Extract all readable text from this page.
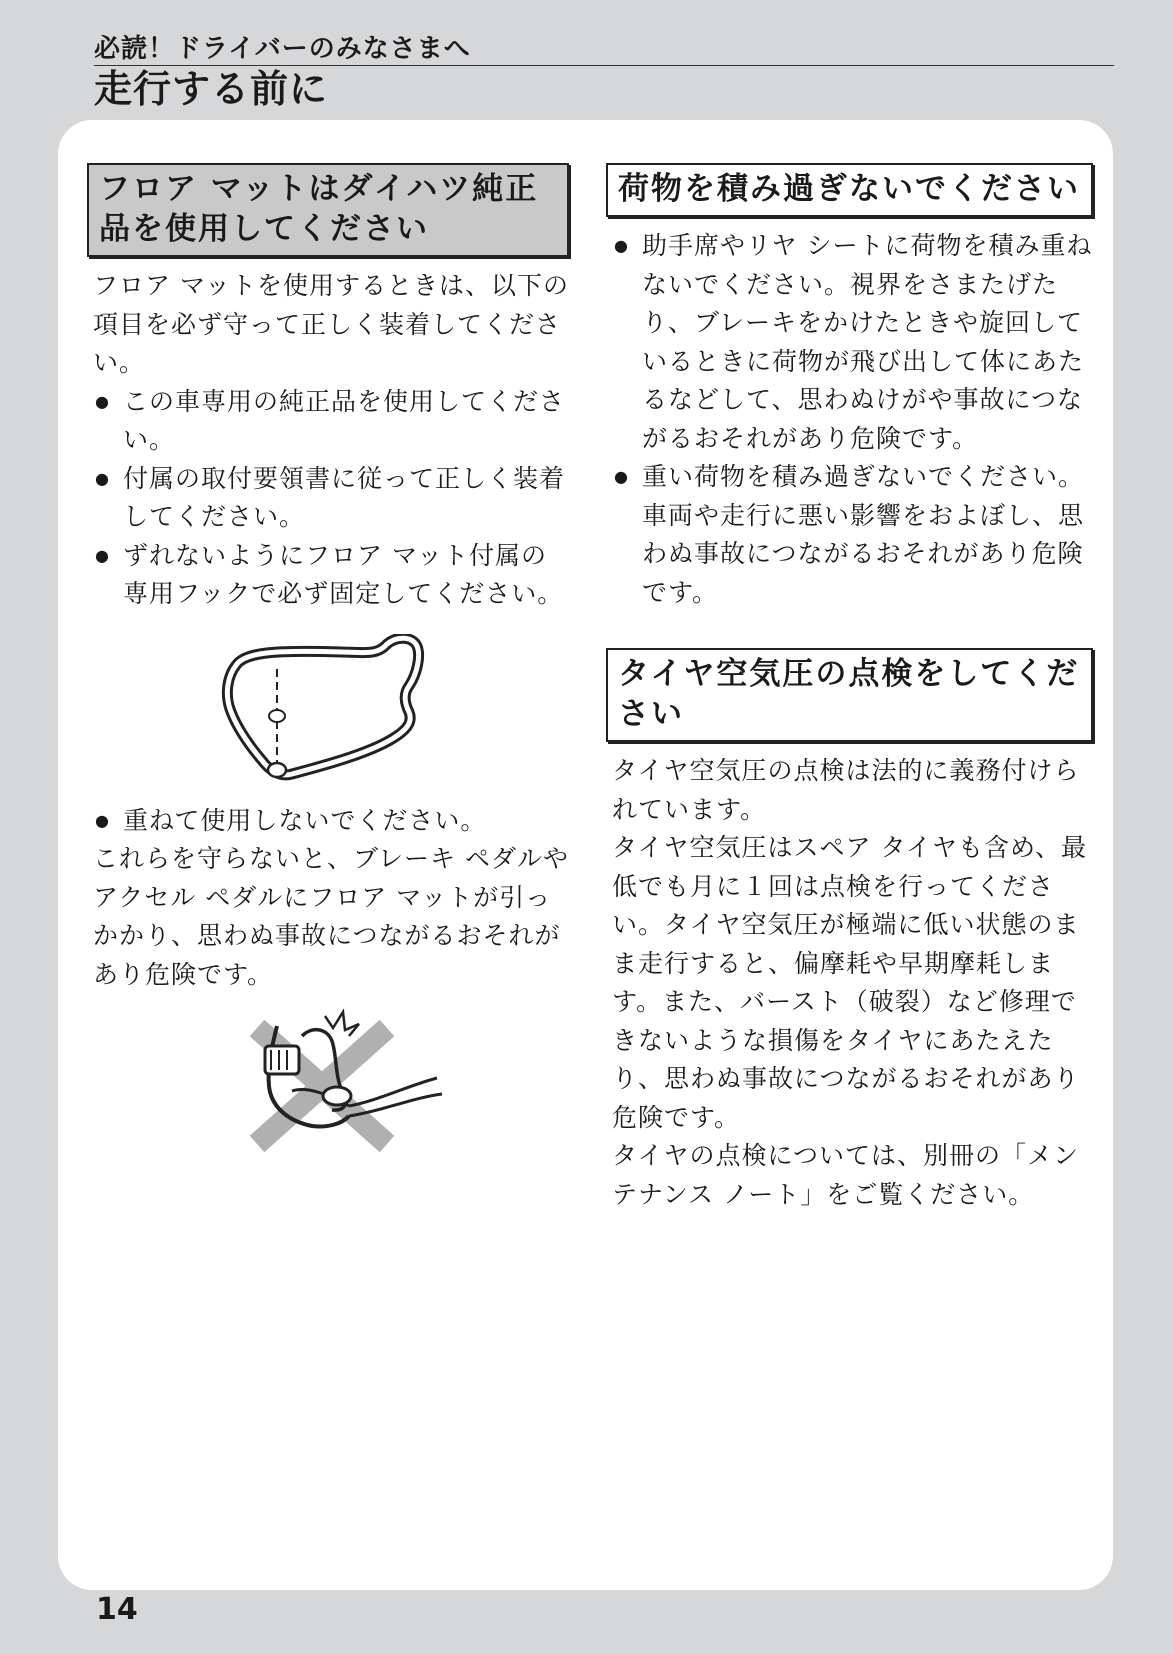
必読！ドライバーのみなさまへ
走行する前に
フロア マットはダイハツ純正品を使用してください

フロア マットを使用するときは、以下の項目を必ず守って正しく装着してください。

● この車専用の純正品を使用してください。
● 付属の取付要領書に従って正しく装着してください。
● ずれないようにフロア マット付属の専用フックで必ず固定してください。
● 重ねて使用しないでください。

これらを守らないと、ブレーキ ペダルやアクセル ペダルにフロア マットが引っかかり、思わぬ事故につながるおそれがあり危険です。

荷物を積み過ぎないでください
● 助手席やリヤ シートに荷物を積み重ねないでください。視界をさまたげたり、ブレーキをかけたときや旋回しているときに荷物が飛び出して体にあたるなどして、思わぬけがや事故につながるおそれがあり危険です。
● 重い荷物を積み過ぎないでください。車両や走行に悪い影響をおよぼし、思わぬ事故につながるおそれがあり危険です。
タイヤ空気圧の点検をしてください

タイヤ空気圧の点検は法的に義務付けられています。

タイヤ空気圧はスペア タイヤも含め、最低でも月に１回は点検を行ってください。タイヤ空気圧が極端に低い状態のまま走行すると、偏摩耗や早期摩耗します。また、バースト（破裂）など修理できないような損傷をタイヤにあたえたり、思わぬ事故につながるおそれがあり危険です。

タイヤの点検については、別冊の「メンテナンス ノート」をご覧ください。

14
